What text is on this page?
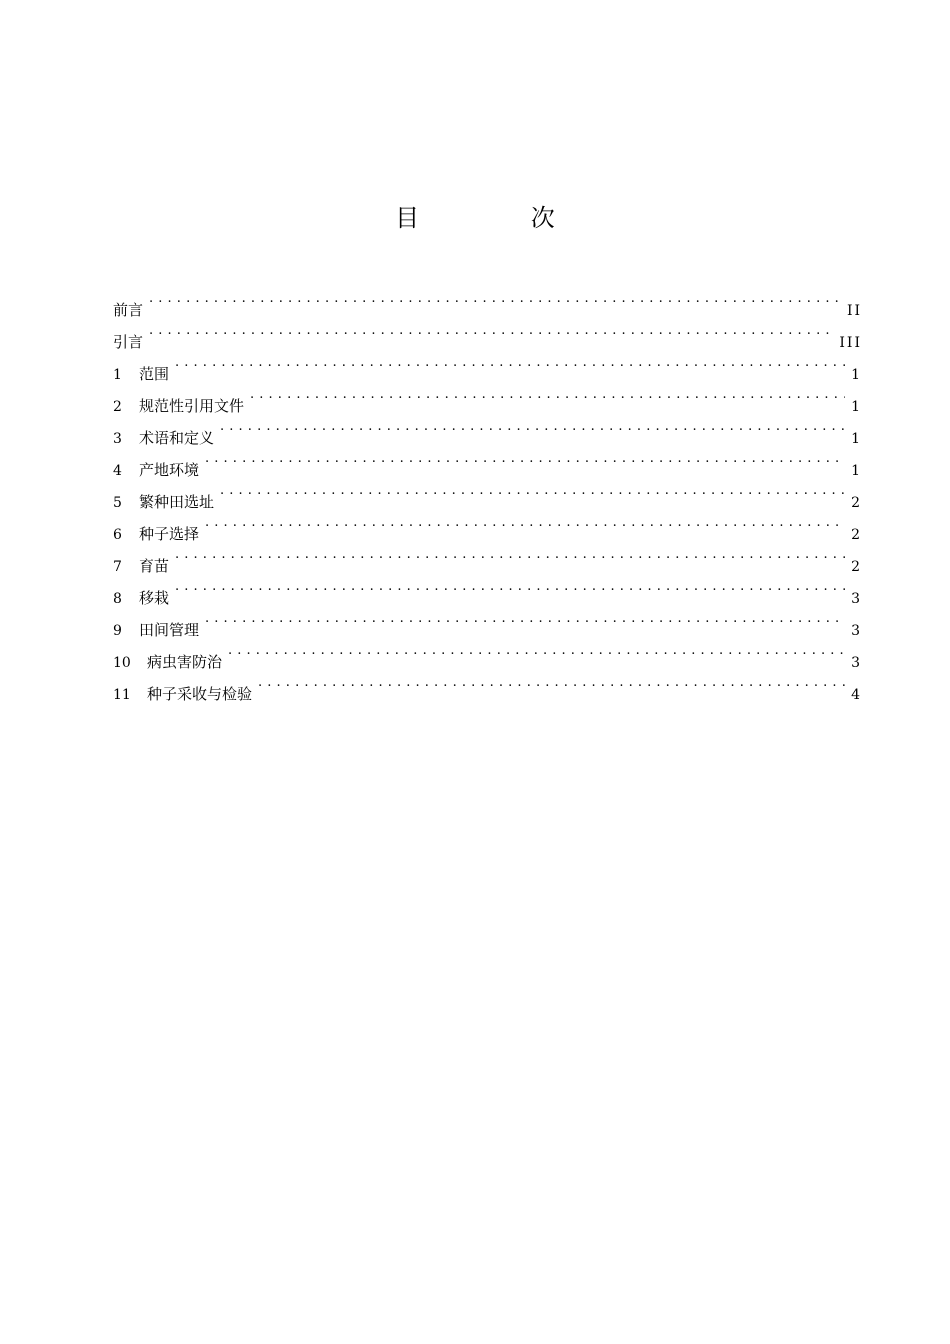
目 次
前言 . . .	II
引言 . . .	III
1	范围 . . .	1
2	规范性引用文件 . . .	1
3	术语和定义 . . .	1
4	产地环境 . . .	1
5	繁种田选址 . . .	2
6	种子选择 . . .	2
7	育苗 . . .	2
8	移栽 . . .	3
9	田间管理 . . .	3
10	病虫害防治 . . .	3
11	种子采收与检验 . . .	4
